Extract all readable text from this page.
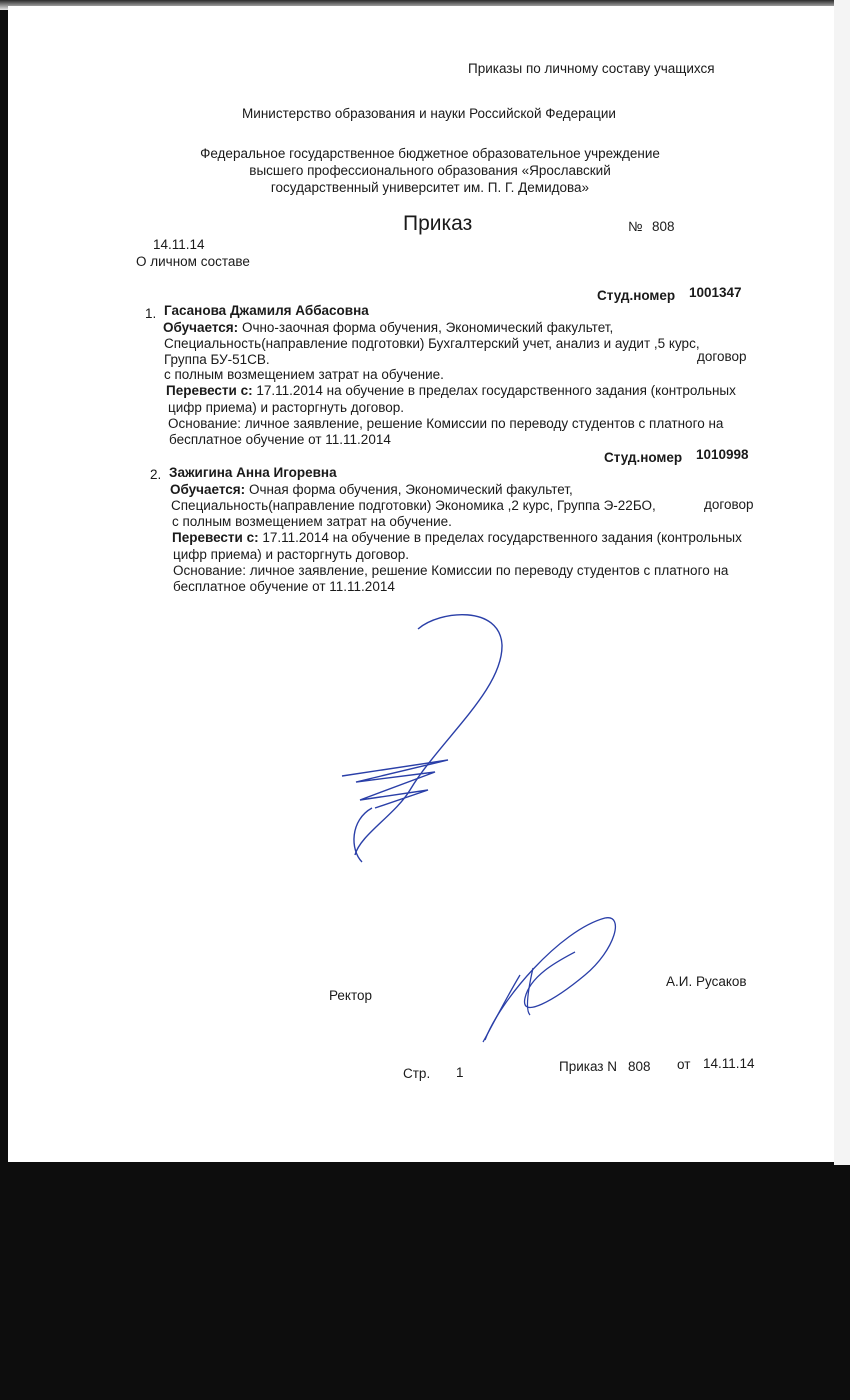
Приказы по личному составу учащихся
Министерство образования и науки Российской Федерации
Федеральное государственное бюджетное образовательное учреждение
высшего профессионального образования «Ярославский
государственный университет им. П. Г. Демидова»
Приказ	№ 808
14.11.14
О личном составе
Студ.номер 1001347
1. Гасанова Джамиля Аббасовна
Обучается: Очно-заочная форма обучения, Экономический факультет,
Специальность(направление подготовки) Бухгалтерский учет, анализ и аудит ,5 курс,
Группа БУ-51СВ.	договор
с полным возмещением затрат на обучение.
Перевести с: 17.11.2014 на обучение в пределах государственного задания (контрольных
цифр приема) и расторгнуть договор.
Основание: личное заявление, решение Комиссии по переводу студентов с платного на
бесплатное обучение от 11.11.2014
Студ.номер 1010998
2. Зажигина Анна Игоревна
Обучается: Очная форма обучения, Экономический факультет,
Специальность(направление подготовки) Экономика ,2 курс, Группа Э-22БО,	договор
с полным возмещением затрат на обучение.
Перевести с: 17.11.2014 на обучение в пределах государственного задания (контрольных
цифр приема) и расторгнуть договор.
Основание: личное заявление, решение Комиссии по переводу студентов с платного на
бесплатное обучение от 11.11.2014
Ректор
А.И. Русаков
Стр. 1	Приказ N 808 от 14.11.14
